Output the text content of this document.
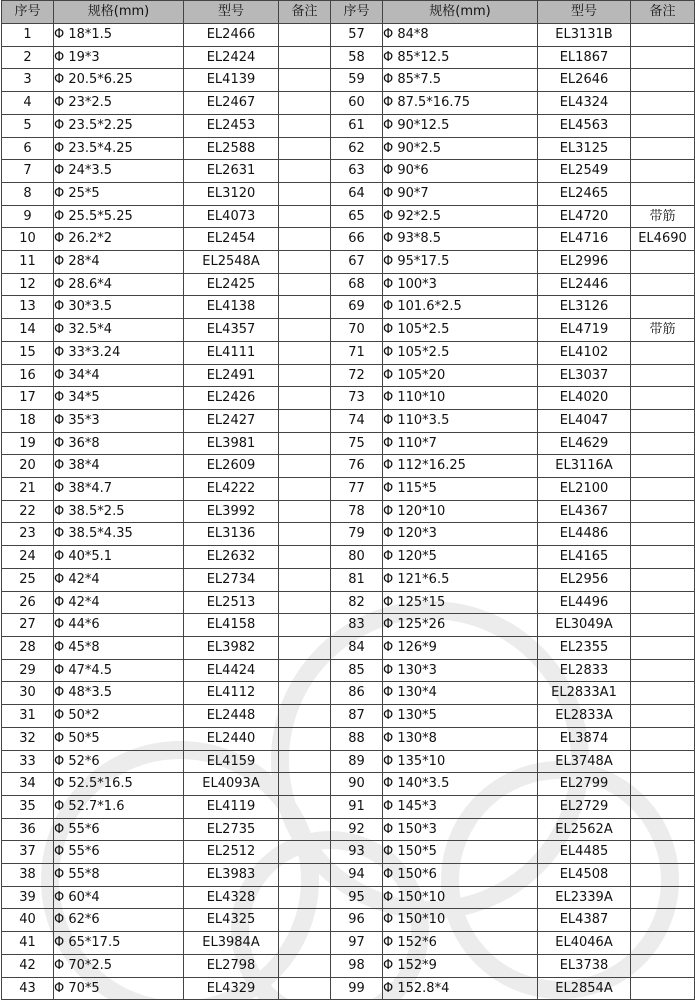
序号	规格(mm)	型号	备注	序号	规格(mm)	型号	备注
1	Φ 18*1.5	EL2466		57	Φ 84*8	EL3131B	
2	Φ 19*3	EL2424		58	Φ 85*12.5	EL1867	
3	Φ 20.5*6.25	EL4139		59	Φ 85*7.5	EL2646	
4	Φ 23*2.5	EL2467		60	Φ 87.5*16.75	EL4324	
5	Φ 23.5*2.25	EL2453		61	Φ 90*12.5	EL4563	
6	Φ 23.5*4.25	EL2588		62	Φ 90*2.5	EL3125	
7	Φ 24*3.5	EL2631		63	Φ 90*6	EL2549	
8	Φ 25*5	EL3120		64	Φ 90*7	EL2465	
9	Φ 25.5*5.25	EL4073		65	Φ 92*2.5	EL4720	带筋
10	Φ 26.2*2	EL2454		66	Φ 93*8.5	EL4716	EL4690
11	Φ 28*4	EL2548A		67	Φ 95*17.5	EL2996	
12	Φ 28.6*4	EL2425		68	Φ 100*3	EL2446	
13	Φ 30*3.5	EL4138		69	Φ 101.6*2.5	EL3126	
14	Φ 32.5*4	EL4357		70	Φ 105*2.5	EL4719	带筋
15	Φ 33*3.24	EL4111		71	Φ 105*2.5	EL4102	
16	Φ 34*4	EL2491		72	Φ 105*20	EL3037	
17	Φ 34*5	EL2426		73	Φ 110*10	EL4020	
18	Φ 35*3	EL2427		74	Φ 110*3.5	EL4047	
19	Φ 36*8	EL3981		75	Φ 110*7	EL4629	
20	Φ 38*4	EL2609		76	Φ 112*16.25	EL3116A	
21	Φ 38*4.7	EL4222		77	Φ 115*5	EL2100	
22	Φ 38.5*2.5	EL3992		78	Φ 120*10	EL4367	
23	Φ 38.5*4.35	EL3136		79	Φ 120*3	EL4486	
24	Φ 40*5.1	EL2632		80	Φ 120*5	EL4165	
25	Φ 42*4	EL2734		81	Φ 121*6.5	EL2956	
26	Φ 42*4	EL2513		82	Φ 125*15	EL4496	
27	Φ 44*6	EL4158		83	Φ 125*26	EL3049A	
28	Φ 45*8	EL3982		84	Φ 126*9	EL2355	
29	Φ 47*4.5	EL4424		85	Φ 130*3	EL2833	
30	Φ 48*3.5	EL4112		86	Φ 130*4	EL2833A1	
31	Φ 50*2	EL2448		87	Φ 130*5	EL2833A	
32	Φ 50*5	EL2440		88	Φ 130*8	EL3874	
33	Φ 52*6	EL4159		89	Φ 135*10	EL3748A	
34	Φ 52.5*16.5	EL4093A		90	Φ 140*3.5	EL2799	
35	Φ 52.7*1.6	EL4119		91	Φ 145*3	EL2729	
36	Φ 55*6	EL2735		92	Φ 150*3	EL2562A	
37	Φ 55*6	EL2512		93	Φ 150*5	EL4485	
38	Φ 55*8	EL3983		94	Φ 150*6	EL4508	
39	Φ 60*4	EL4328		95	Φ 150*10	EL2339A	
40	Φ 62*6	EL4325		96	Φ 150*10	EL4387	
41	Φ 65*17.5	EL3984A		97	Φ 152*6	EL4046A	
42	Φ 70*2.5	EL2798		98	Φ 152*9	EL3738	
43	Φ 70*5	EL4329		99	Φ 152.8*4	EL2854A	
